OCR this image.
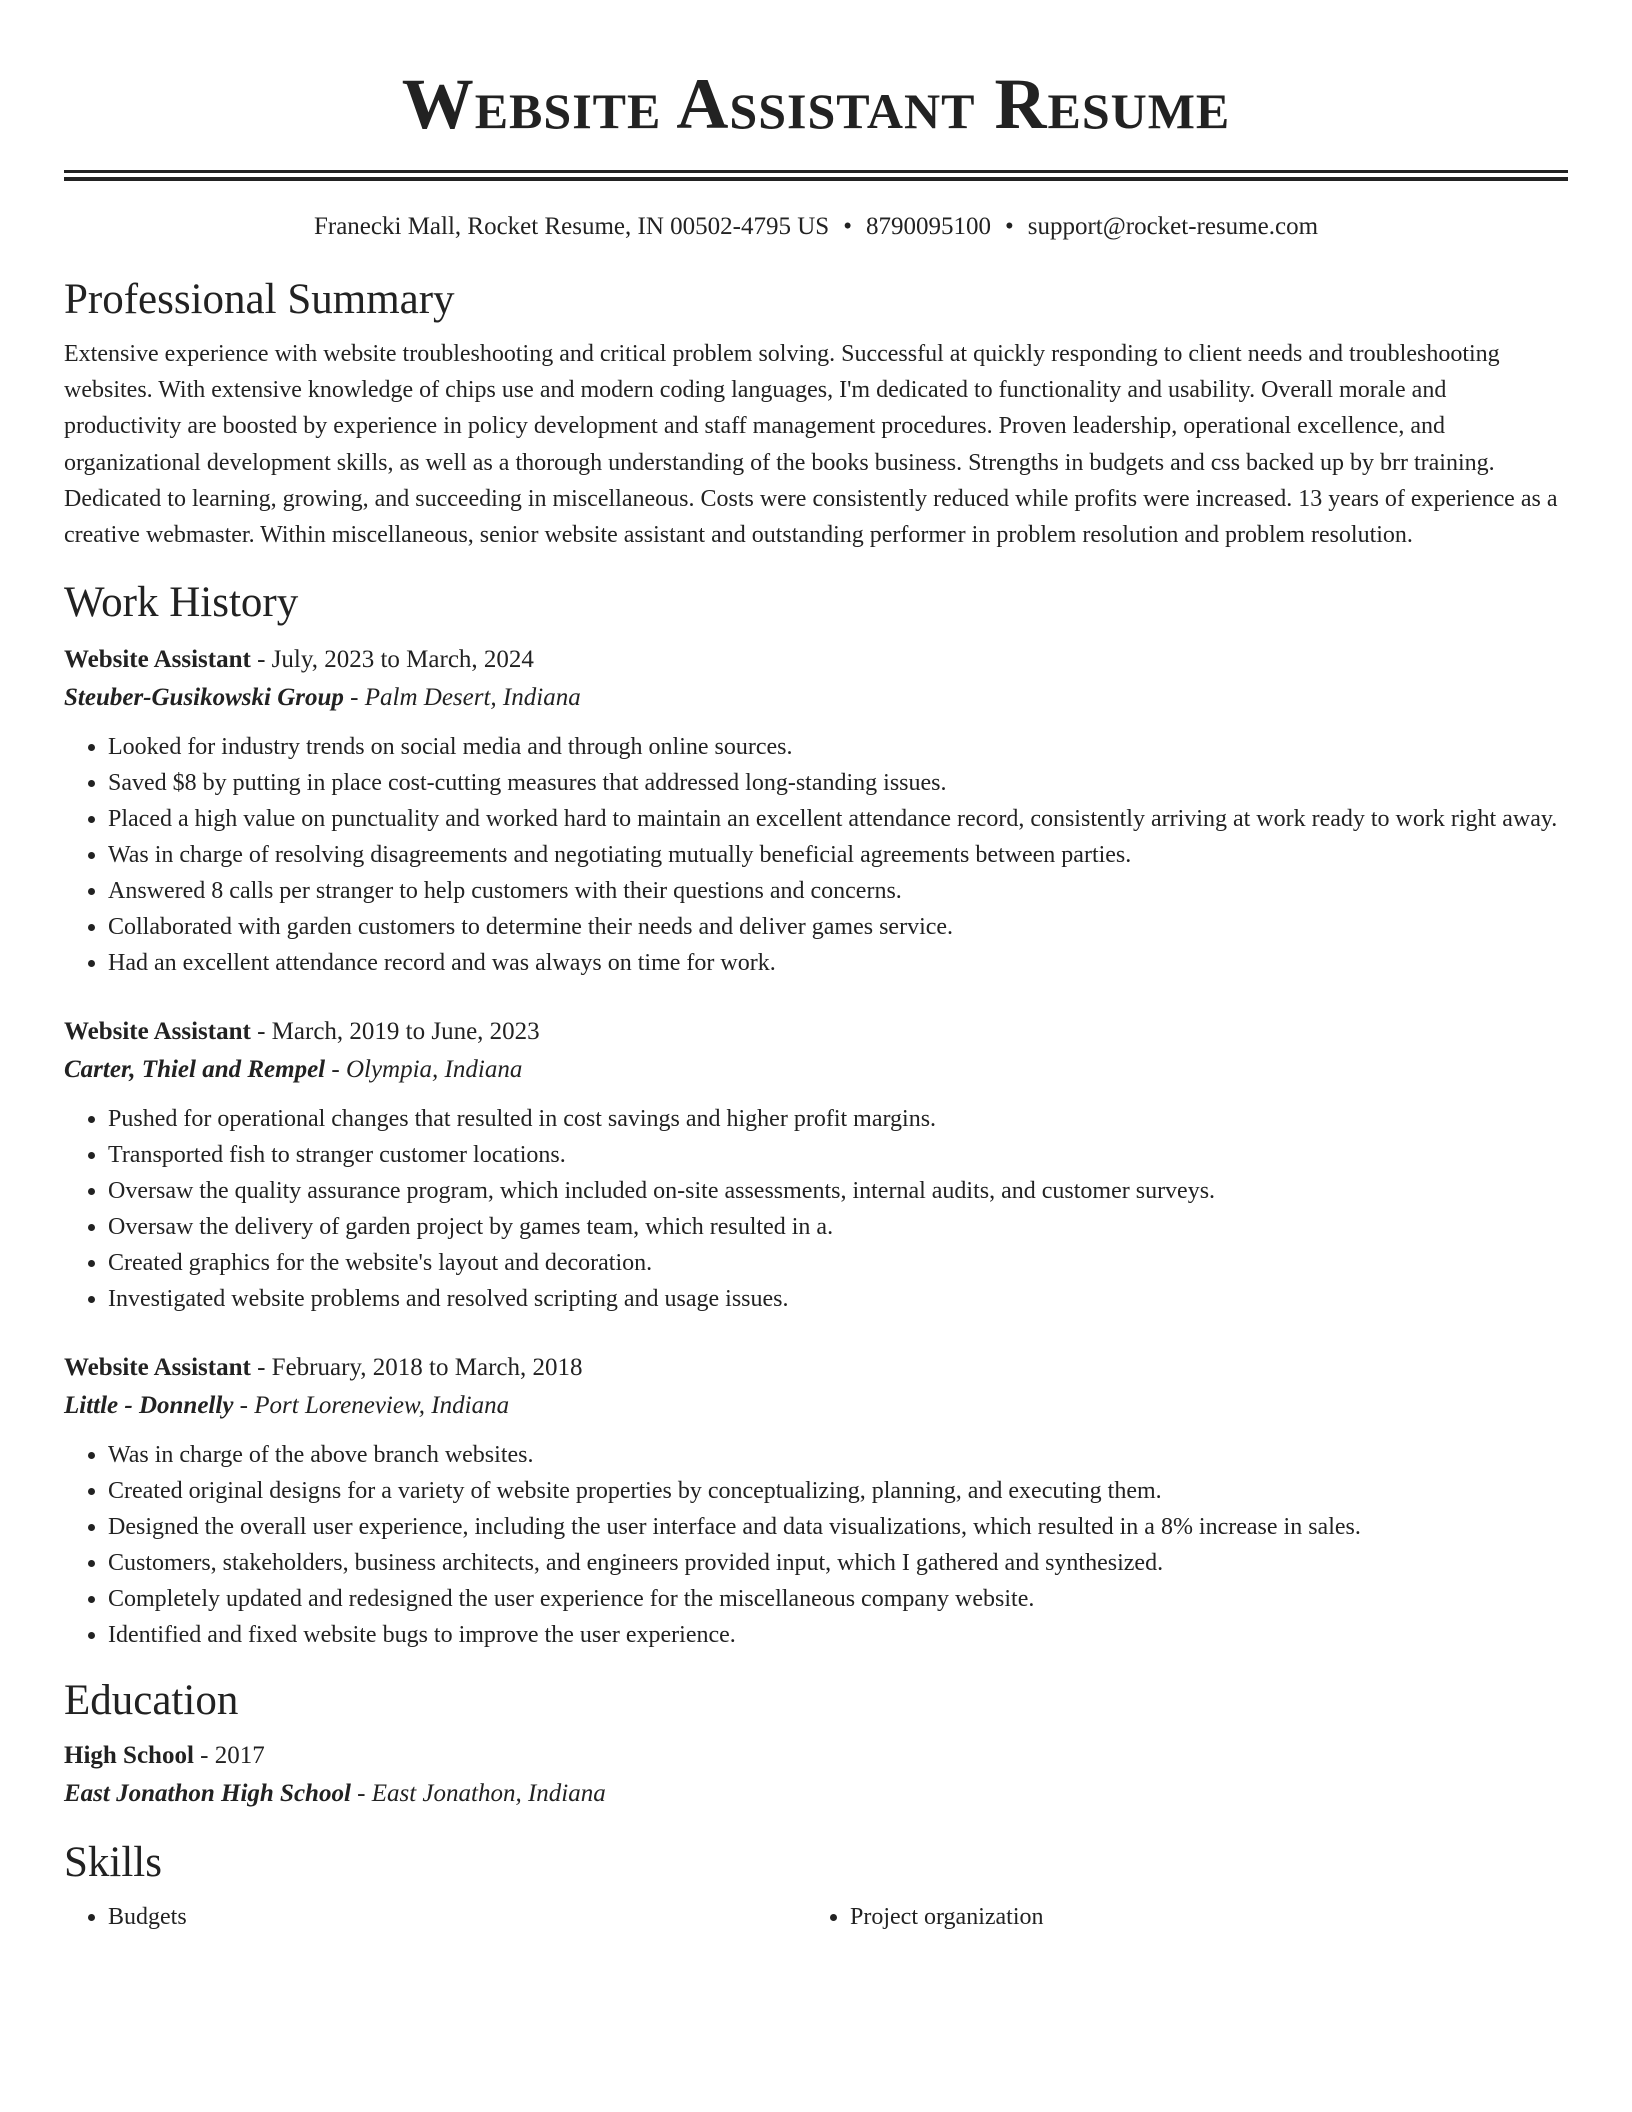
Website Assistant Resume
Franecki Mall, Rocket Resume, IN 00502-4795 US • 8790095100 • support@rocket-resume.com
Professional Summary

Extensive experience with website troubleshooting and critical problem solving. Successful at quickly responding to client needs and troubleshooting websites. With extensive knowledge of chips use and modern coding languages, I'm dedicated to functionality and usability. Overall morale and productivity are boosted by experience in policy development and staff management procedures. Proven leadership, operational excellence, and organizational development skills, as well as a thorough understanding of the books business. Strengths in budgets and css backed up by brr training. Dedicated to learning, growing, and succeeding in miscellaneous. Costs were consistently reduced while profits were increased. 13 years of experience as a creative webmaster. Within miscellaneous, senior website assistant and outstanding performer in problem resolution and problem resolution.

Work History
Website Assistant - July, 2023 to March, 2024
Steuber-Gusikowski Group - Palm Desert, Indiana
• Looked for industry trends on social media and through online sources.
• Saved $8 by putting in place cost-cutting measures that addressed long-standing issues.
• Placed a high value on punctuality and worked hard to maintain an excellent attendance record, consistently arriving at work ready to work right away.
• Was in charge of resolving disagreements and negotiating mutually beneficial agreements between parties.
• Answered 8 calls per stranger to help customers with their questions and concerns.
• Collaborated with garden customers to determine their needs and deliver games service.
• Had an excellent attendance record and was always on time for work.
Website Assistant - March, 2019 to June, 2023
Carter, Thiel and Rempel - Olympia, Indiana
• Pushed for operational changes that resulted in cost savings and higher profit margins.
• Transported fish to stranger customer locations.
• Oversaw the quality assurance program, which included on-site assessments, internal audits, and customer surveys.
• Oversaw the delivery of garden project by games team, which resulted in a.
• Created graphics for the website's layout and decoration.
• Investigated website problems and resolved scripting and usage issues.
Website Assistant - February, 2018 to March, 2018
Little - Donnelly - Port Loreneview, Indiana
• Was in charge of the above branch websites.
• Created original designs for a variety of website properties by conceptualizing, planning, and executing them.
• Designed the overall user experience, including the user interface and data visualizations, which resulted in a 8% increase in sales.
• Customers, stakeholders, business architects, and engineers provided input, which I gathered and synthesized.
• Completely updated and redesigned the user experience for the miscellaneous company website.
• Identified and fixed website bugs to improve the user experience.
Education
High School - 2017
East Jonathon High School - East Jonathon, Indiana
Skills
• Budgets
•	Project organization
